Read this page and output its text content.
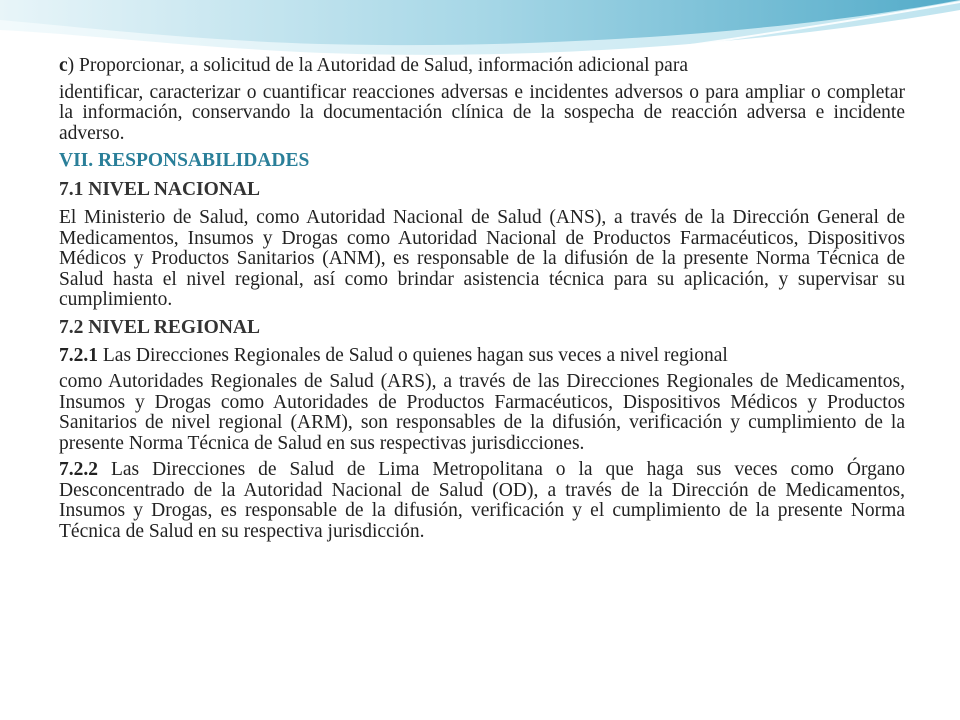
c) Proporcionar, a solicitud de la Autoridad de Salud, información adicional para

identificar, caracterizar o cuantificar reacciones adversas e incidentes adversos o para ampliar o completar la información, conservando la documentación clínica de la sospecha de reacción adversa e incidente adverso.

VII. RESPONSABILIDADES
7.1 NIVEL NACIONAL

El Ministerio de Salud, como Autoridad Nacional de Salud (ANS), a través de la Dirección General de Medicamentos, Insumos y Drogas como Autoridad Nacional de Productos Farmacéuticos, Dispositivos Médicos y Productos Sanitarios (ANM), es responsable de la difusión de la presente Norma Técnica de Salud hasta el nivel regional, así como brindar asistencia técnica para su aplicación, y supervisar su cumplimiento.

7.2 NIVEL REGIONAL

7.2.1 Las Direcciones Regionales de Salud o quienes hagan sus veces a nivel regional

como Autoridades Regionales de Salud (ARS), a través de las Direcciones Regionales de Medicamentos, Insumos y Drogas como Autoridades de Productos Farmacéuticos, Dispositivos Médicos y Productos Sanitarios de nivel regional (ARM), son responsables de la difusión, verificación y cumplimiento de la presente Norma Técnica de Salud en sus respectivas jurisdicciones.

7.2.2 Las Direcciones de Salud de Lima Metropolitana o la que haga sus veces como Órgano Desconcentrado de la Autoridad Nacional de Salud (OD), a través de la Dirección de Medicamentos, Insumos y Drogas, es responsable de la difusión, verificación y el cumplimiento de la presente Norma Técnica de Salud en su respectiva jurisdicción.
